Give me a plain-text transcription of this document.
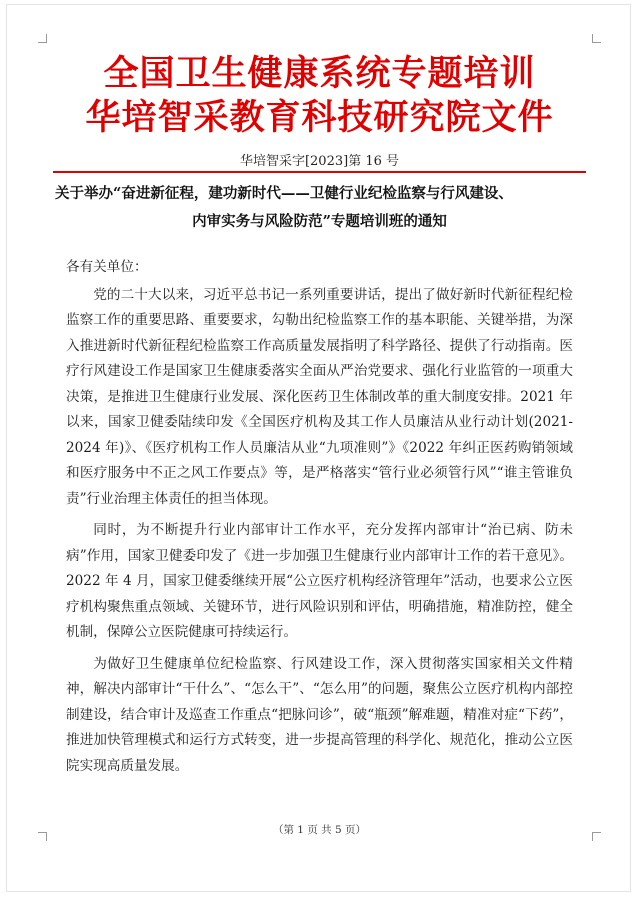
全国卫生健康系统专题培训
华培智采教育科技研究院文件
华培智采字[2023]第 16 号
关于举办“奋进新征程，建功新时代——卫健行业纪检监察与行风建设、
内审实务与风险防范”专题培训班的通知

各有关单位：

党的二十大以来，习近平总书记一系列重要讲话，提出了做好新时代新征程纪检监察工作的重要思路、重要要求，勾勒出纪检监察工作的基本职能、关键举措，为深入推进新时代新征程纪检监察工作高质量发展指明了科学路径、提供了行动指南。医疗行风建设工作是国家卫生健康委落实全面从严治党要求、强化行业监管的一项重大决策，是推进卫生健康行业发展、深化医药卫生体制改革的重大制度安排。2021 年以来，国家卫健委陆续印发《全国医疗机构及其工作人员廉洁从业行动计划(2021-2024 年)》、《医疗机构工作人员廉洁从业“九项准则”》《2022 年纠正医药购销领域和医疗服务中不正之风工作要点》等，是严格落实“管行业必须管行风”“谁主管谁负责”行业治理主体责任的担当体现。

同时，为不断提升行业内部审计工作水平，充分发挥内部审计“治已病、防未病”作用，国家卫健委印发了《进一步加强卫生健康行业内部审计工作的若干意见》。2022 年 4 月，国家卫健委继续开展“公立医疗机构经济管理年”活动，也要求公立医疗机构聚焦重点领域、关键环节，进行风险识别和评估，明确措施，精准防控，健全机制，保障公立医院健康可持续运行。

为做好卫生健康单位纪检监察、行风建设工作，深入贯彻落实国家相关文件精神，解决内部审计“干什么”、“怎么干”、“怎么用”的问题，聚焦公立医疗机构内部控制建设，结合审计及巡查工作重点“把脉问诊”，破“瓶颈”解难题，精准对症“下药”，推进加快管理模式和运行方式转变，进一步提高管理的科学化、规范化，推动公立医院实现高质量发展。

（第 1 页 共 5 页）
